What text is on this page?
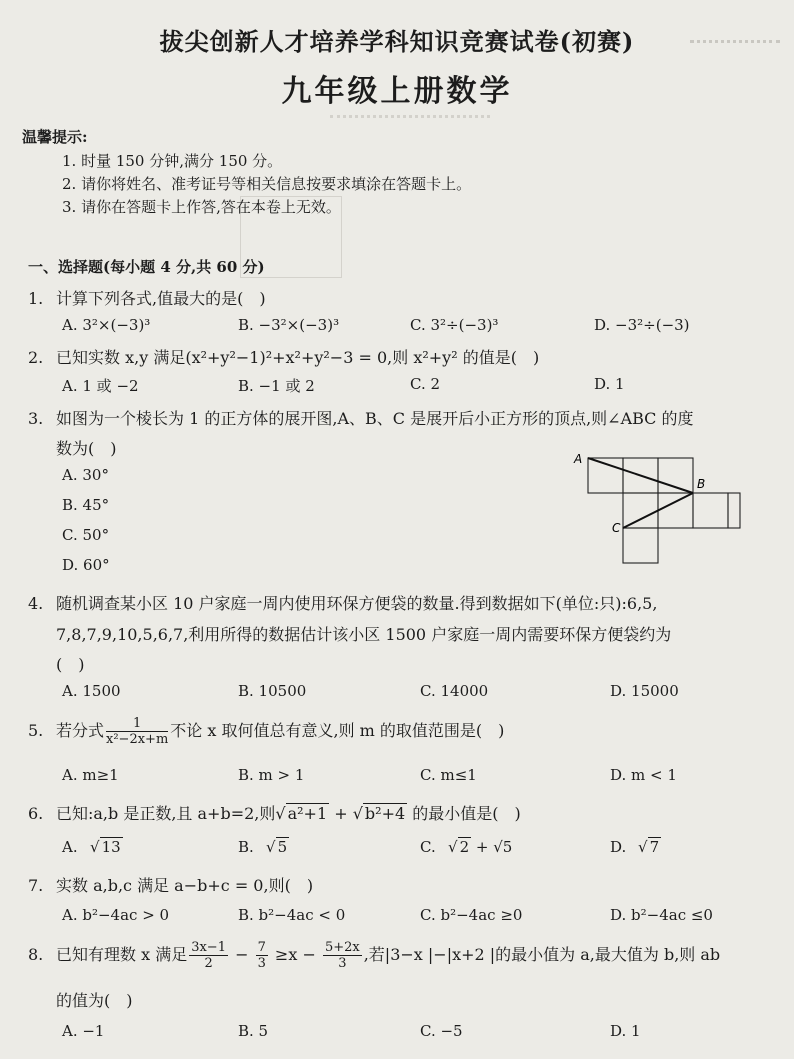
拔尖创新人才培养学科知识竞赛试卷(初赛)
九年级上册数学
温馨提示:
1. 时量 150 分钟,满分 150 分。
2. 请你将姓名、准考证号等相关信息按要求填涂在答题卡上。
3. 请你在答题卡上作答,答在本卷上无效。
一、选择题(每小题 4 分,共 60 分)
1. 计算下列各式,值最大的是(　)
A. 3²×(−3)³	B. −3²×(−3)³	C. 3²÷(−3)³	D. −3²÷(−3)
2. 已知实数 x,y 满足(x²+y²−1)²+x²+y²−3 = 0,则 x²+y² 的值是(　)
A. 1 或 −2	B. −1 或 2	C. 2	D. 1
3. 如图为一个棱长为 1 的正方体的展开图,A、B、C 是展开后小正方形的顶点,则∠ABC 的度
数为(　)
A. 30°
B. 45°
C. 50°
D. 60°
A
B
C
4. 随机调查某小区 10 户家庭一周内使用环保方便袋的数量.得到数据如下(单位:只):6,5,
7,8,7,9,10,5,6,7,利用所得的数据估计该小区 1500 户家庭一周内需要环保方便袋约为
(　)
A. 1500	B. 10500	C. 14000	D. 15000
5. 若分式 $\frac{1}{\text{x²−2x+m}}$ 不论 x 取何值总有意义,则 m 的取值范围是(　)
A. m≥1	B. m > 1	C. m≤1	D. m < 1
6. 已知:a,b 是正数,且 a+b=2,则√ a²+1 + √ b²+4 的最小值是(　)
A. √ 13	B. √ 5	C. √ 2 + √5	D. √ 7
7. 实数 a,b,c 满足 a−b+c = 0,则(　)
A. b²−4ac > 0	B. b²−4ac < 0	C. b²−4ac ≥0	D. b²−4ac ≤0
8. 已知有理数 x 满足 $\frac{3x-1}{2} - \frac{7}{3} \ge x - \frac{5+2x}{3}$ ,若|3−x |−|x+2 |的最小值为 a,最大值为 b,则 ab
的值为(　)
A. −1	B. 5	C. −5	D. 1
